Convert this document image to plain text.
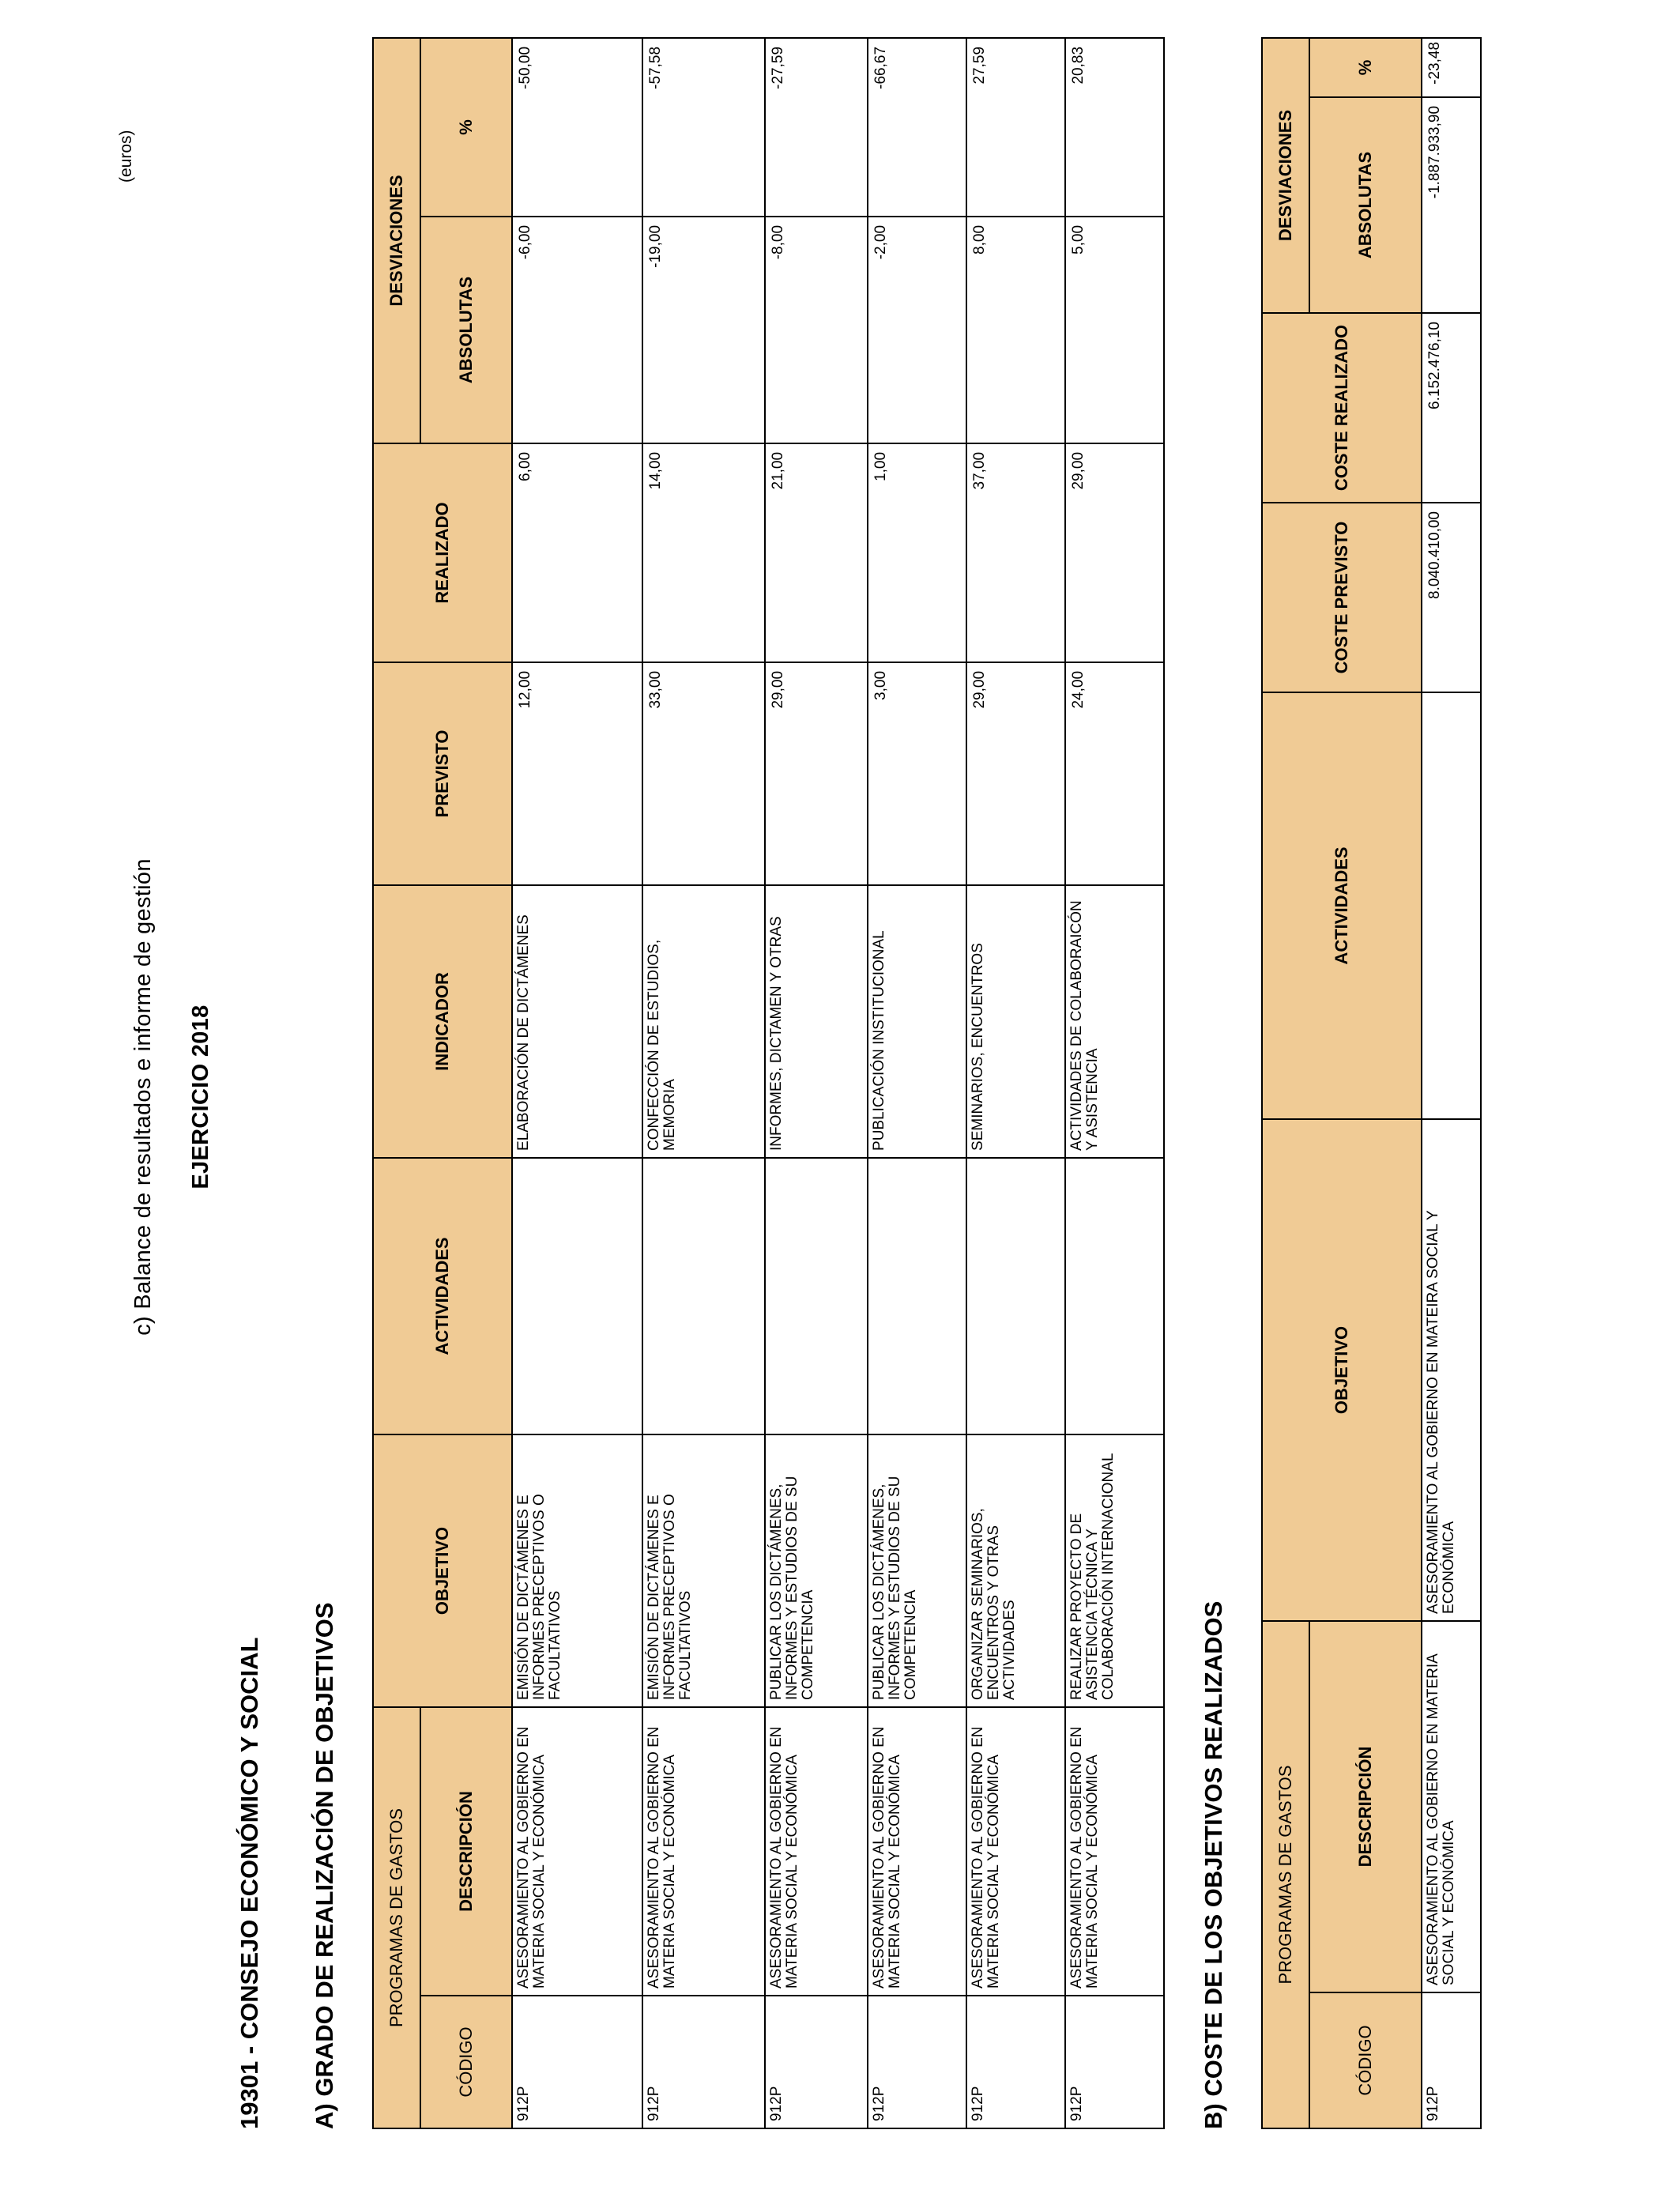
c) Balance de resultados e informe de gestión EJERCICIO 2018
(euros)
19301 - CONSEJO ECONÓMICO Y SOCIAL A) GRADO DE REALIZACIÓN DE OBJETIVOS	PROGRAMAS DE GASTOS		OBJETIVO	ACTIVIDADES	INDICADOR	PREVISTO	REALIZADO	DESVIACIONES	
CÓDIGO	DESCRIPCIÓN						ABSOLUTAS	%
912P	ASESORAMIENTO AL GOBIERNO EN MATERIA SOCIAL Y ECONÓMICA	EMISIÓN DE DICTÁMENES E INFORMES PRECEPTIVOS O FACULTATIVOS		ELABORACIÓN DE DICTÁMENES	12,00	6,00	-6,00	-50,00
912P	ASESORAMIENTO AL GOBIERNO EN MATERIA SOCIAL Y ECONÓMICA	EMISIÓN DE DICTÁMENES E INFORMES PRECEPTIVOS O FACULTATIVOS		CONFECCIÓN DE ESTUDIOS, MEMORIA	33,00	14,00	-19,00	-57,58
912P	ASESORAMIENTO AL GOBIERNO EN MATERIA SOCIAL Y ECONÓMICA	PUBLICAR LOS DICTÁMENES, INFORMES Y ESTUDIOS DE SU COMPETENCIA		INFORMES, DICTAMEN Y OTRAS	29,00	21,00	-8,00	-27,59
912P	ASESORAMIENTO AL GOBIERNO EN MATERIA SOCIAL Y ECONÓMICA	PUBLICAR LOS DICTÁMENES, INFORMES Y ESTUDIOS DE SU COMPETENCIA		PUBLICACIÓN INSTITUCIONAL	3,00	1,00	-2,00	-66,67
912P	ASESORAMIENTO AL GOBIERNO EN MATERIA SOCIAL Y ECONÓMICA	ORGANIZAR SEMINARIOS, ENCUENTROS Y OTRAS ACTIVIDADES		SEMINARIOS, ENCUENTROS	29,00	37,00	8,00	27,59
912P	ASESORAMIENTO AL GOBIERNO EN MATERIA SOCIAL Y ECONÓMICA	REALIZAR PROYECTO DE ASISTENCIA TÉCNICA Y COLABORACIÓN INTERNACIONAL		ACTIVIDADES DE COLABORAICÓN Y ASISTENCIA	24,00	29,00	5,00	20,83
B) COSTE DE LOS OBJETIVOS REALIZADOS	PROGRAMAS DE GASTOS		OBJETIVO	ACTIVIDADES	COSTE PREVISTO	COSTE REALIZADO	DESVIACIONES	
CÓDIGO	DESCRIPCIÓN					ABSOLUTAS	%
912P	ASESORAMIENTO AL GOBIERNO EN MATERIA SOCIAL Y ECONÓMICA	ASESORAMIENTO AL GOBIERNO EN MATEIRA SOCIAL Y ECONÓMICA		8.040.410,00	6.152.476,10	-1.887.933,90	-23,48
